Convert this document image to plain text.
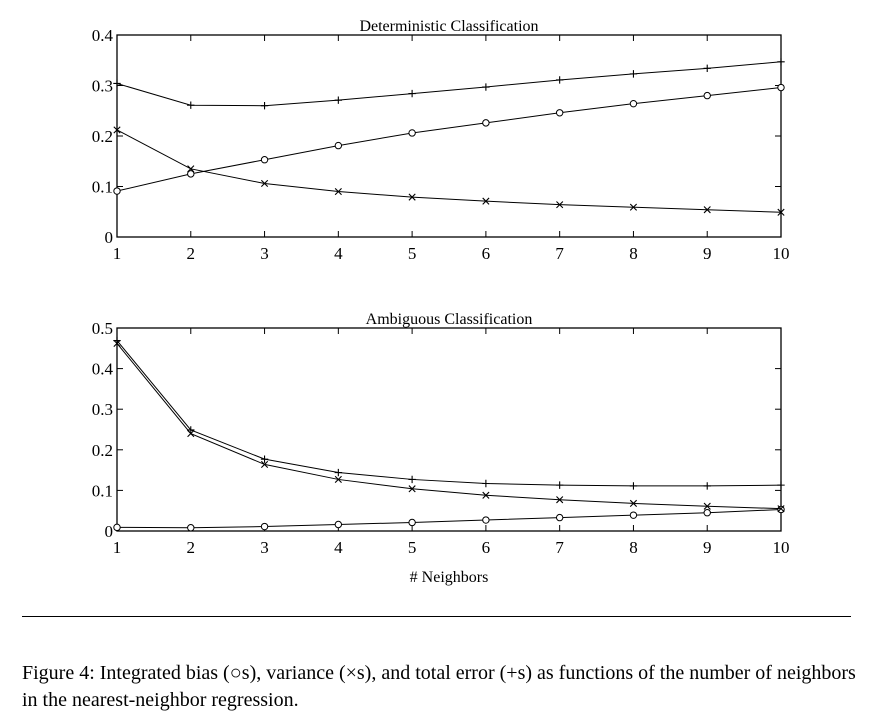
Deterministic Classification
1	2	3	4	5	6	7	8	9	10
0
0.1
0.2
0.3
0.4
Ambiguous Classification
1	2	3	4	5	6	7	8	9	10
0
0.1
0.2
0.3
0.4
0.5
# Neighbors
Figure 4: Integrated bias (○s), variance (×s), and total error (+s) as functions of the number of neighbors in the nearest-neighbor regression.
